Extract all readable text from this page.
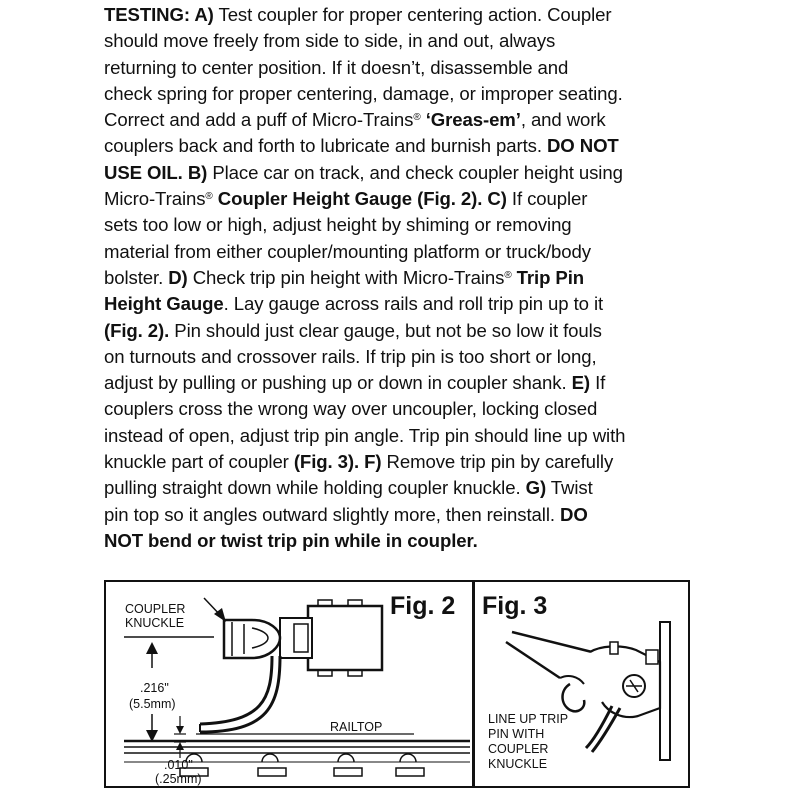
TESTING: A) Test coupler for proper centering action. Coupler

should move freely from side to side, in and out, always

returning to center position. If it doesn’t, disassemble and

check spring for proper centering, damage, or improper seating.

Correct and add a puff of Micro-Trains® ‘Greas-em’, and work

couplers back and forth to lubricate and burnish parts. DO NOT

USE OIL. B) Place car on track, and check coupler height using

Micro-Trains® Coupler Height Gauge (Fig. 2). C) If coupler

sets too low or high, adjust height by shiming or removing

material from either coupler/mounting platform or truck/body

bolster. D) Check trip pin height with Micro-Trains® Trip Pin

Height Gauge. Lay gauge across rails and roll trip pin up to it

(Fig. 2). Pin should just clear gauge, but not be so low it fouls

on turnouts and crossover rails. If trip pin is too short or long,

adjust by pulling or pushing up or down in coupler shank. E) If

couplers cross the wrong way over uncoupler, locking closed

instead of open, adjust trip pin angle. Trip pin should line up with

knuckle part of coupler (Fig. 3). F) Remove trip pin by carefully

pulling straight down while holding coupler knuckle. G) Twist

pin top so it angles outward slightly more, then reinstall. DO

NOT bend or twist trip pin while in coupler.

Fig. 2 Fig. 3
COUPLER
KNUCKLE
.216"
(5.5mm)
RAILTOP
.010"
(.25mm)
LINE UP TRIP
PIN WITH
COUPLER
KNUCKLE
